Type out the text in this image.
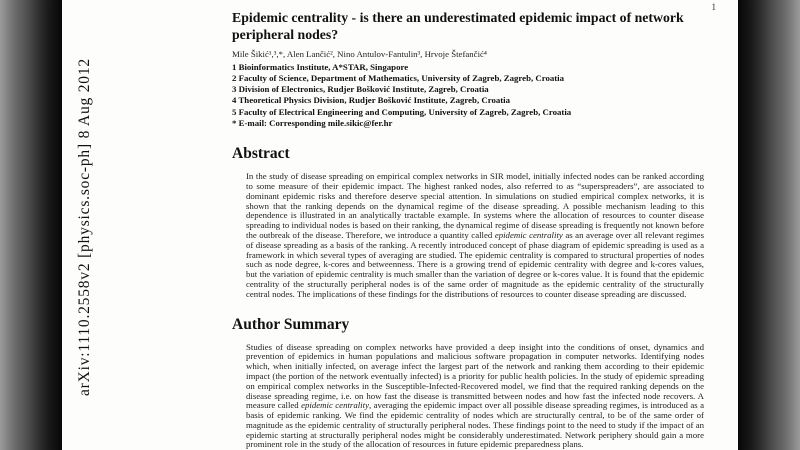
1
arXiv:1110.2558v2 [physics.soc-ph] 8 Aug 2012
Epidemic centrality - is there an underestimated epidemic impact of network peripheral nodes?
Mile Šikić¹,³,*, Alen Lančić², Nino Antulov-Fantulin³, Hrvoje Štefančić⁴
1 Bioinformatics Institute, A*STAR, Singapore
2 Faculty of Science, Department of Mathematics, University of Zagreb, Zagreb, Croatia
3 Division of Electronics, Rudjer Bošković Institute, Zagreb, Croatia
4 Theoretical Physics Division, Rudjer Bošković Institute, Zagreb, Croatia
5 Faculty of Electrical Engineering and Computing, University of Zagreb, Zagreb, Croatia
* E-mail: Corresponding mile.sikic@fer.hr
Abstract

In the study of disease spreading on empirical complex networks in SIR model, initially infected nodes can be ranked according to some measure of their epidemic impact. The highest ranked nodes, also referred to as “superspreaders”, are associated to dominant epidemic risks and therefore deserve special attention. In simulations on studied empirical complex networks, it is shown that the ranking depends on the dynamical regime of the disease spreading. A possible mechanism leading to this dependence is illustrated in an analytically tractable example. In systems where the allocation of resources to counter disease spreading to individual nodes is based on their ranking, the dynamical regime of disease spreading is frequently not known before the outbreak of the disease. Therefore, we introduce a quantity called epidemic centrality as an average over all relevant regimes of disease spreading as a basis of the ranking. A recently introduced concept of phase diagram of epidemic spreading is used as a framework in which several types of averaging are studied. The epidemic centrality is compared to structural properties of nodes such as node degree, k-cores and betweenness. There is a growing trend of epidemic centrality with degree and k-cores values, but the variation of epidemic centrality is much smaller than the variation of degree or k-cores value. It is found that the epidemic centrality of the structurally peripheral nodes is of the same order of magnitude as the epidemic centrality of the structurally central nodes. The implications of these findings for the distributions of resources to counter disease spreading are discussed.

Author Summary

Studies of disease spreading on complex networks have provided a deep insight into the conditions of onset, dynamics and prevention of epidemics in human populations and malicious software propagation in computer networks. Identifying nodes which, when initially infected, on average infect the largest part of the network and ranking them according to their epidemic impact (the portion of the network eventually infected) is a priority for public health policies. In the study of epidemic spreading on empirical complex networks in the Susceptible-Infected-Recovered model, we find that the required ranking depends on the disease spreading regime, i.e. on how fast the disease is transmitted between nodes and how fast the infected node recovers. A measure called epidemic centrality, averaging the epidemic impact over all possible disease spreading regimes, is introduced as a basis of epidemic ranking. We find the epidemic centrality of nodes which are structurally central, to be of the same order of magnitude as the epidemic centrality of structurally peripheral nodes. These findings point to the need to study if the impact of an epidemic starting at structurally peripheral nodes might be considerably underestimated. Network periphery should gain a more prominent role in the study of the allocation of resources in future epidemic preparedness plans.
